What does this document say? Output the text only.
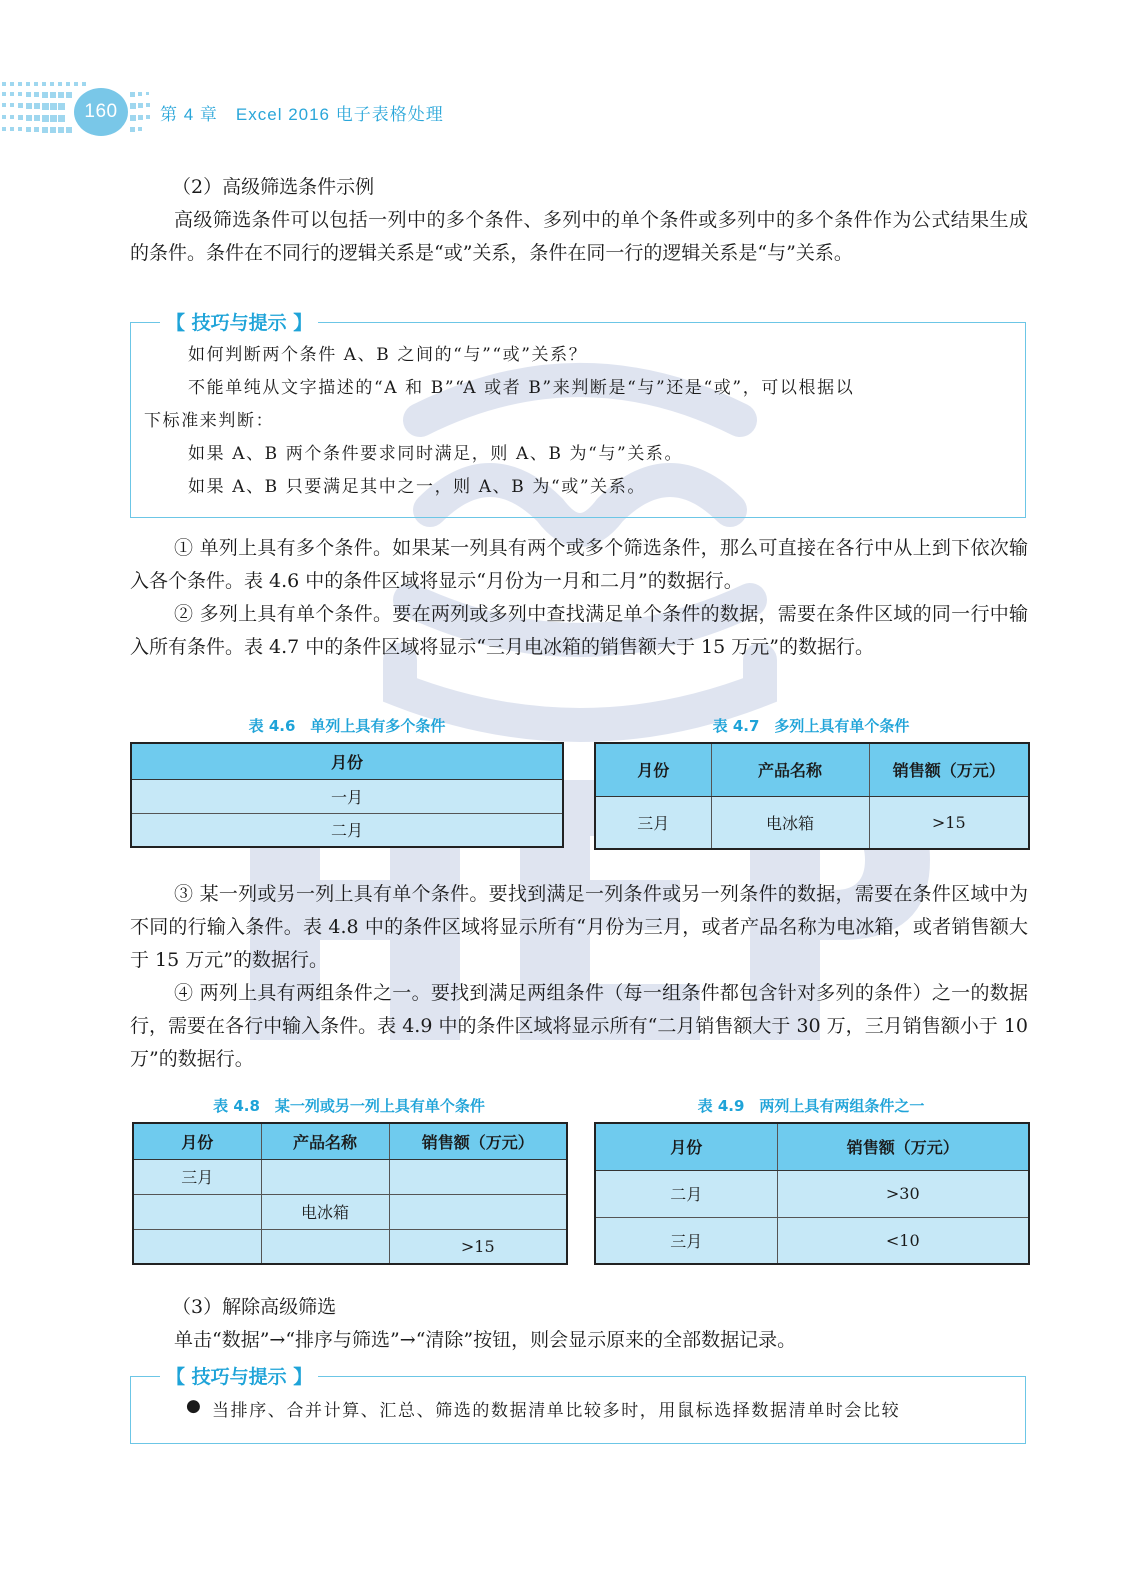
160	第 4 章　Excel 2016 电子表格处理
（2）高级筛选条件示例
高级筛选条件可以包括一列中的多个条件、多列中的单个条件或多列中的多个条件作为公式结果生成的条件。条件在不同行的逻辑关系是“或”关系，条件在同一行的逻辑关系是“与”关系。
【 技巧与提示 】
如何判断两个条件 A、B 之间的“与”“或”关系？
不能单纯从文字描述的“A 和 B”“A 或者 B”来判断是“与”还是“或”，可以根据以
下标准来判断：
如果 A、B 两个条件要求同时满足，则 A、B 为“与”关系。
如果 A、B 只要满足其中之一，则 A、B 为“或”关系。
① 单列上具有多个条件。如果某一列具有两个或多个筛选条件，那么可直接在各行中从上到下依次输入各个条件。表 4.6 中的条件区域将显示“月份为一月和二月”的数据行。
② 多列上具有单个条件。要在两列或多列中查找满足单个条件的数据，需要在条件区域的同一行中输入所有条件。表 4.7 中的条件区域将显示“三月电冰箱的销售额大于 15 万元”的数据行。
表 4.6　单列上具有多个条件
月份
一月
二月
表 4.7　多列上具有单个条件
月份	产品名称	销售额（万元）
三月	电冰箱	>15
③ 某一列或另一列上具有单个条件。要找到满足一列条件或另一列条件的数据，需要在条件区域中为不同的行输入条件。表 4.8 中的条件区域将显示所有“月份为三月，或者产品名称为电冰箱，或者销售额大于 15 万元”的数据行。
④ 两列上具有两组条件之一。要找到满足两组条件（每一组条件都包含针对多列的条件）之一的数据行，需要在各行中输入条件。表 4.9 中的条件区域将显示所有“二月销售额大于 30 万，三月销售额小于 10 万”的数据行。
表 4.8　某一列或另一列上具有单个条件
月份	产品名称	销售额（万元）
三月		
	电冰箱	
		>15
表 4.9　两列上具有两组条件之一
月份	销售额（万元）
二月	>30
三月	<10
（3）解除高级筛选
单击“数据”→“排序与筛选”→“清除”按钮，则会显示原来的全部数据记录。
【 技巧与提示 】
● 当排序、合并计算、汇总、筛选的数据清单比较多时，用鼠标选择数据清单时会比较
